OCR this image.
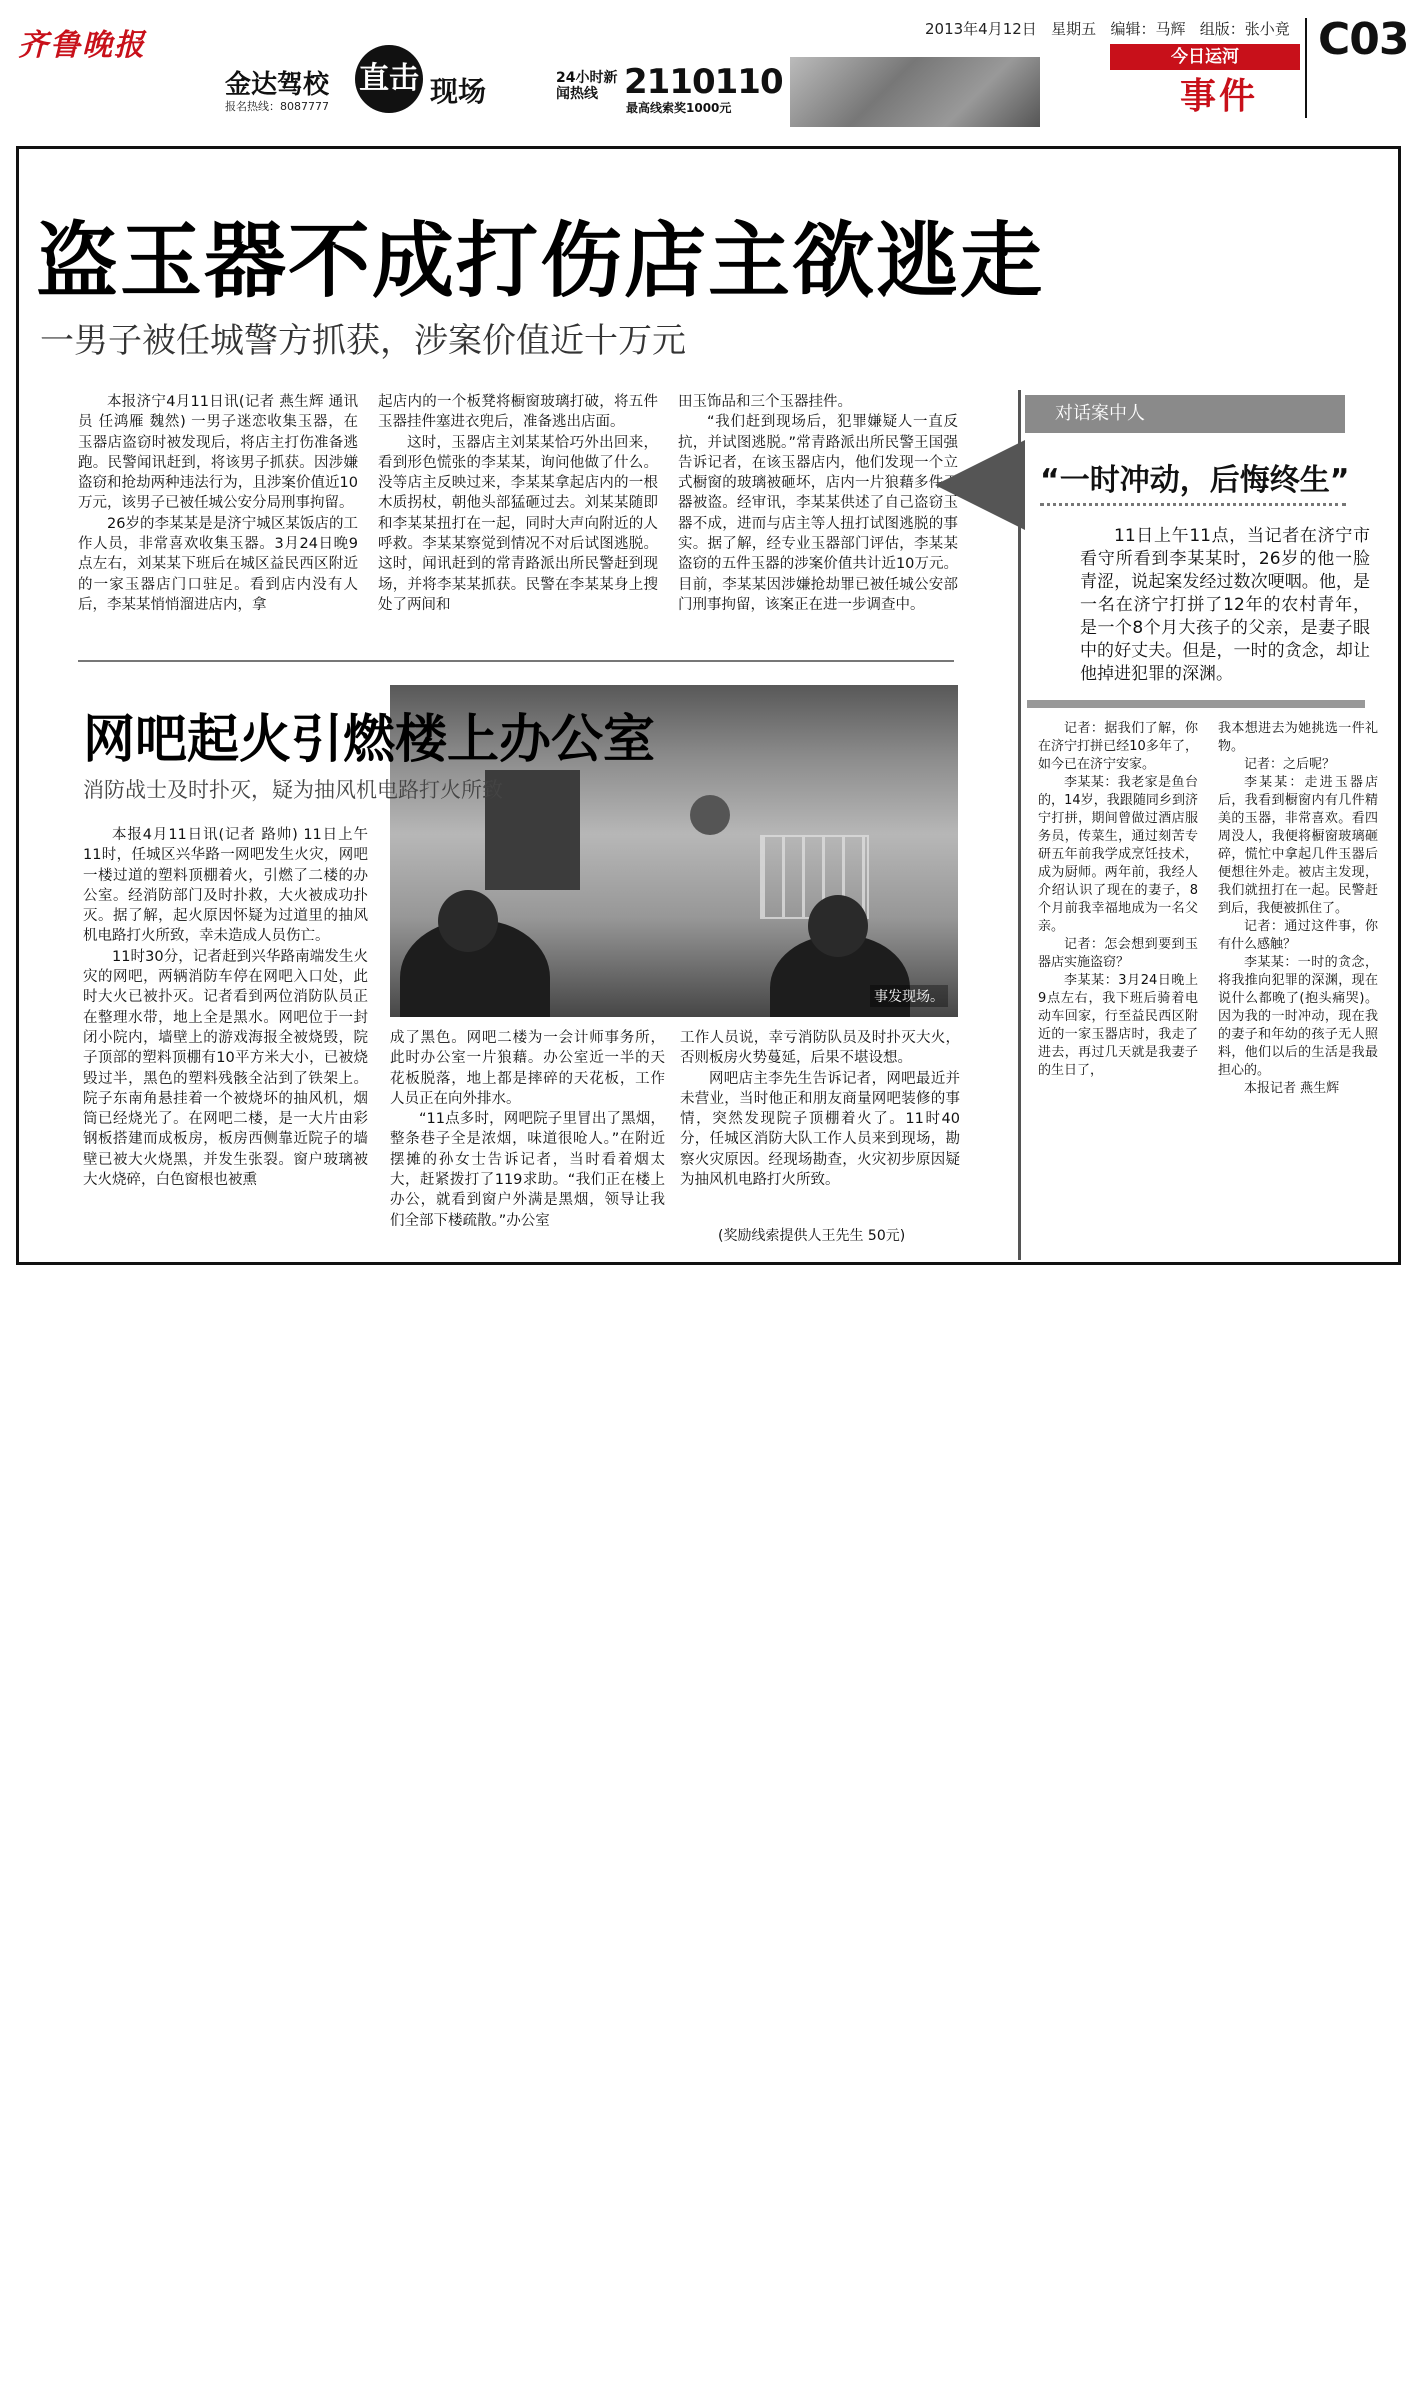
齐鲁晚报	2013年4月12日 星期五 编辑：马辉 组版：张小竟 C03
今日运河
事件
金达驾校
报名热线：8087777
直击 现场	24小时新闻热线 2110110
最高线索奖1000元
盗玉器不成打伤店主欲逃走
一男子被任城警方抓获，涉案价值近十万元

本报济宁4月11日讯(记者 燕生辉 通讯员 任鸿雁 魏然) 一男子迷恋收集玉器，在玉器店盗窃时被发现后，将店主打伤准备逃跑。民警闻讯赶到，将该男子抓获。因涉嫌盗窃和抢劫两种违法行为，且涉案价值近10万元，该男子已被任城公安分局刑事拘留。

26岁的李某某是是济宁城区某饭店的工作人员，非常喜欢收集玉器。3月24日晚9点左右，刘某某下班后在城区益民西区附近的一家玉器店门口驻足。看到店内没有人后，李某某悄悄溜进店内，拿

起店内的一个板凳将橱窗玻璃打破，将五件玉器挂件塞进衣兜后，准备逃出店面。

这时，玉器店主刘某某恰巧外出回来，看到形色慌张的李某某，询问他做了什么。没等店主反映过来，李某某拿起店内的一根木质拐杖，朝他头部猛砸过去。刘某某随即和李某某扭打在一起，同时大声向附近的人呼救。李某某察觉到情况不对后试图逃脱。这时，闻讯赶到的常青路派出所民警赶到现场，并将李某某抓获。民警在李某某身上搜处了两间和

田玉饰品和三个玉器挂件。

“我们赶到现场后，犯罪嫌疑人一直反抗，并试图逃脱。”常青路派出所民警王国强告诉记者，在该玉器店内，他们发现一个立式橱窗的玻璃被砸坏，店内一片狼藉多件玉器被盗。经审讯，李某某供述了自己盗窃玉器不成，进而与店主等人扭打试图逃脱的事实。据了解，经专业玉器部门评估，李某某盗窃的五件玉器的涉案价值共计近10万元。目前，李某某因涉嫌抢劫罪已被任城公安部门刑事拘留，该案正在进一步调查中。

对话案中人
“一时冲动，后悔终生”
11日上午11点，当记者在济宁市看守所看到李某某时，26岁的他一脸青涩，说起案发经过数次哽咽。他，是一名在济宁打拼了12年的农村青年，是一个8个月大孩子的父亲，是妻子眼中的好丈夫。但是，一时的贪念，却让他掉进犯罪的深渊。

记者：据我们了解，你在济宁打拼已经10多年了，如今已在济宁安家。

李某某：我老家是鱼台的，14岁，我跟随同乡到济宁打拼，期间曾做过酒店服务员，传菜生，通过刻苦专研五年前我学成烹饪技术，成为厨师。两年前，我经人介绍认识了现在的妻子，8个月前我幸福地成为一名父亲。

记者：怎会想到要到玉器店实施盗窃？

李某某：3月24日晚上9点左右，我下班后骑着电动车回家，行至益民西区附近的一家玉器店时，我走了进去，再过几天就是我妻子的生日了，

我本想进去为她挑选一件礼物。

记者：之后呢？

李某某：走进玉器店后，我看到橱窗内有几件精美的玉器，非常喜欢。看四周没人，我便将橱窗玻璃砸碎，慌忙中拿起几件玉器后便想往外走。被店主发现，我们就扭打在一起。民警赶到后，我便被抓住了。

记者：通过这件事，你有什么感触？

李某某：一时的贪念，将我推向犯罪的深渊，现在说什么都晚了(抱头痛哭)。因为我的一时冲动，现在我的妻子和年幼的孩子无人照料，他们以后的生活是我最担心的。

本报记者 燕生辉

事发现场。
网吧起火引燃楼上办公室
消防战士及时扑灭，疑为抽风机电路打火所致

本报4月11日讯(记者 路帅) 11日上午11时，任城区兴华路一网吧发生火灾，网吧一楼过道的塑料顶棚着火，引燃了二楼的办公室。经消防部门及时扑救，大火被成功扑灭。据了解，起火原因怀疑为过道里的抽风机电路打火所致，幸未造成人员伤亡。

11时30分，记者赶到兴华路南端发生火灾的网吧，两辆消防车停在网吧入口处，此时大火已被扑灭。记者看到两位消防队员正在整理水带，地上全是黑水。网吧位于一封闭小院内，墙壁上的游戏海报全被烧毁，院子顶部的塑料顶棚有10平方米大小，已被烧毁过半，黑色的塑料残骸全沾到了铁架上。院子东南角悬挂着一个被烧坏的抽风机，烟筒已经烧光了。在网吧二楼，是一大片由彩钢板搭建而成板房，板房西侧靠近院子的墙壁已被大火烧黑，并发生张裂。窗户玻璃被大火烧碎，白色窗根也被熏

成了黑色。网吧二楼为一会计师事务所，此时办公室一片狼藉。办公室近一半的天花板脱落，地上都是摔碎的天花板，工作人员正在向外排水。

“11点多时，网吧院子里冒出了黑烟，整条巷子全是浓烟，味道很呛人。”在附近摆摊的孙女士告诉记者，当时看着烟太大，赶紧拨打了119求助。“我们正在楼上办公，就看到窗户外满是黑烟，领导让我们全部下楼疏散。”办公室

工作人员说，幸亏消防队员及时扑灭大火，否则板房火势蔓延，后果不堪设想。

网吧店主李先生告诉记者，网吧最近并未营业，当时他正和朋友商量网吧装修的事情，突然发现院子顶棚着火了。11时40分，任城区消防大队工作人员来到现场，勘察火灾原因。经现场勘查，火灾初步原因疑为抽风机电路打火所致。

(奖励线索提供人王先生 50元)
